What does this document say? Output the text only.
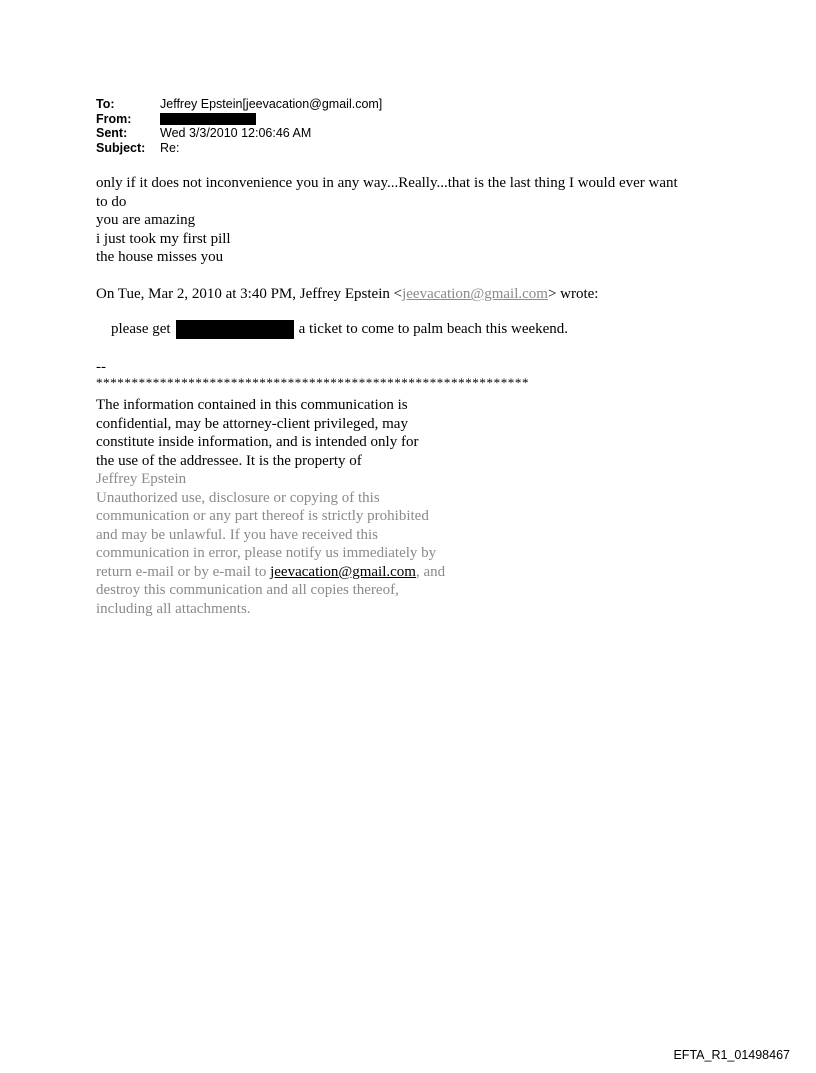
To:	Jeffrey Epstein[jeevacation@gmail.com]
From:
Sent:	Wed 3/3/2010 12:06:46 AM
Subject:	Re:
only if it does not inconvenience you in any way...Really...that is the last thing I would ever want
to do
you are amazing
i just took my first pill
the house misses you
On Tue, Mar 2, 2010 at 3:40 PM, Jeffrey Epstein <jeevacation@gmail.com> wrote:
please get	a ticket to come to palm beach this weekend.
--
*************************************************************
The information contained in this communication is
confidential, may be attorney-client privileged, may
constitute inside information, and is intended only for
the use of the addressee. It is the property of
Jeffrey Epstein
Unauthorized use, disclosure or copying of this
communication or any part thereof is strictly prohibited
and may be unlawful. If you have received this
communication in error, please notify us immediately by
return e-mail or by e-mail to jeevacation@gmail.com, and
destroy this communication and all copies thereof,
including all attachments.
EFTA_R1_01498467
